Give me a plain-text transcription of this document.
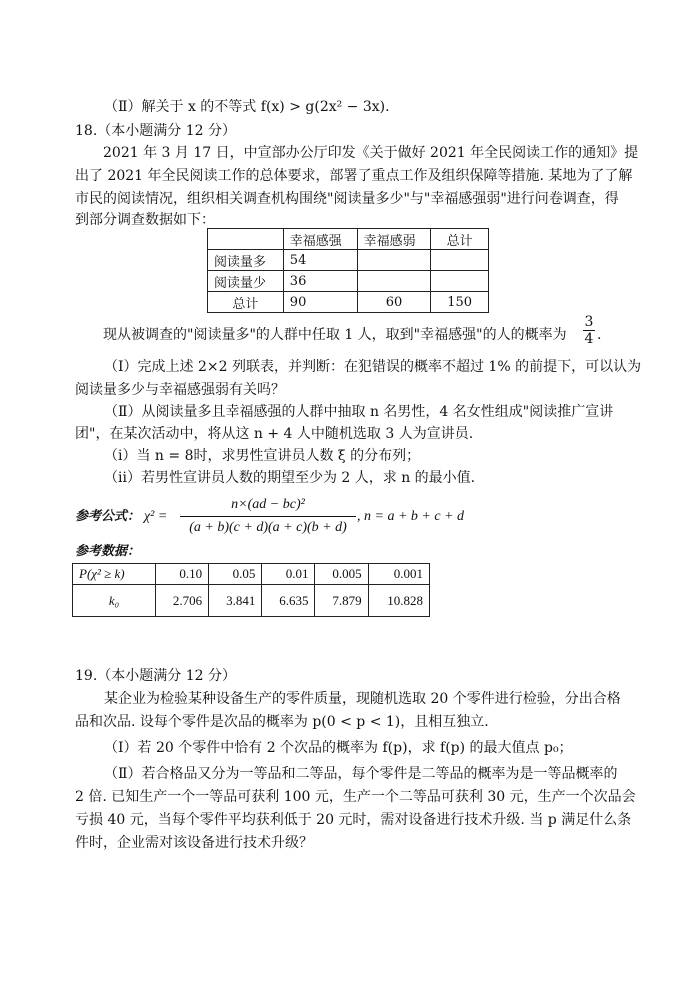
（Ⅱ）解关于 x 的不等式 f(x) > g(2x² − 3x).
18.（本小题满分 12 分）
2021 年 3 月 17 日，中宣部办公厅印发《关于做好 2021 年全民阅读工作的通知》提
出了 2021 年全民阅读工作的总体要求，部署了重点工作及组织保障等措施. 某地为了了解
市民的阅读情况，组织相关调查机构围绕"阅读量多少"与"幸福感强弱"进行问卷调查，得
到部分调查数据如下：
	幸福感强	幸福感弱	总计
阅读量多	54		
阅读量少	36		
总计	90	60	150
现从被调查的"阅读量多"的人群中任取 1 人，取到"幸福感强"的人的概率为 $\frac{3}{4}$ .
（Ⅰ）完成上述 2×2 列联表，并判断：在犯错误的概率不超过 1% 的前提下，可以认为
阅读量多少与幸福感强弱有关吗？
（Ⅱ）从阅读量多且幸福感强的人群中抽取 n 名男性，4 名女性组成"阅读推广宣讲
团"，在某次活动中，将从这 n + 4 人中随机选取 3 人为宣讲员.
（ⅰ）当 n = 8时，求男性宣讲员人数 ξ 的分布列；
（ⅱ）若男性宣讲员人数的期望至少为 2 人，求 n 的最小值.
参考公式： $\chi^2 = \frac{\text{n×(ad − bc)²}}{(a + b)(c + d)(a + c)(b + d)}$ , n = a + b + c + d
参考数据：
P(χ² ≥ k)	0.10	0.05	0.01	0.005	0.001
k₀	2.706	3.841	6.635	7.879	10.828
19.（本小题满分 12 分）
某企业为检验某种设备生产的零件质量，现随机选取 20 个零件进行检验，分出合格
品和次品. 设每个零件是次品的概率为 p(0 < p < 1)，且相互独立.
（Ⅰ）若 20 个零件中恰有 2 个次品的概率为 f(p)，求 f(p) 的最大值点 p₀；
（Ⅱ）若合格品又分为一等品和二等品，每个零件是二等品的概率为是一等品概率的
2 倍. 已知生产一个一等品可获利 100 元，生产一个二等品可获利 30 元，生产一个次品会
亏损 40 元，当每个零件平均获利低于 20 元时，需对设备进行技术升级. 当 p 满足什么条
件时，企业需对该设备进行技术升级？
